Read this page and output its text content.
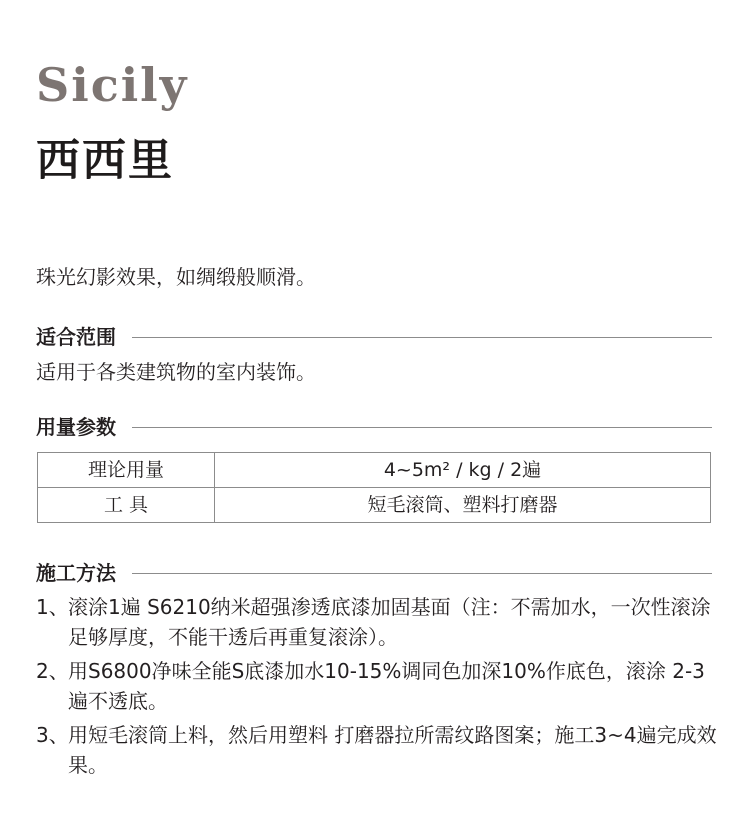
Sicily
西西里

珠光幻影效果，如绸缎般顺滑。

适合范围

适用于各类建筑物的室内装饰。

用量参数
理论用量	4~5m² / kg / 2遍
工 具	短毛滚筒、塑料打磨器
施工方法
1、 滚涂1遍 S6210纳米超强渗透底漆加固基面（注：不需加水，一次性滚涂足够厚度，不能干透后再重复滚涂）。
2、 用S6800净味全能S底漆加水10-15%调同色加深10%作底色，滚涂 2-3 遍不透底。
3、 用短毛滚筒上料，然后用塑料 打磨器拉所需纹路图案；施工3~4遍完成效果。
